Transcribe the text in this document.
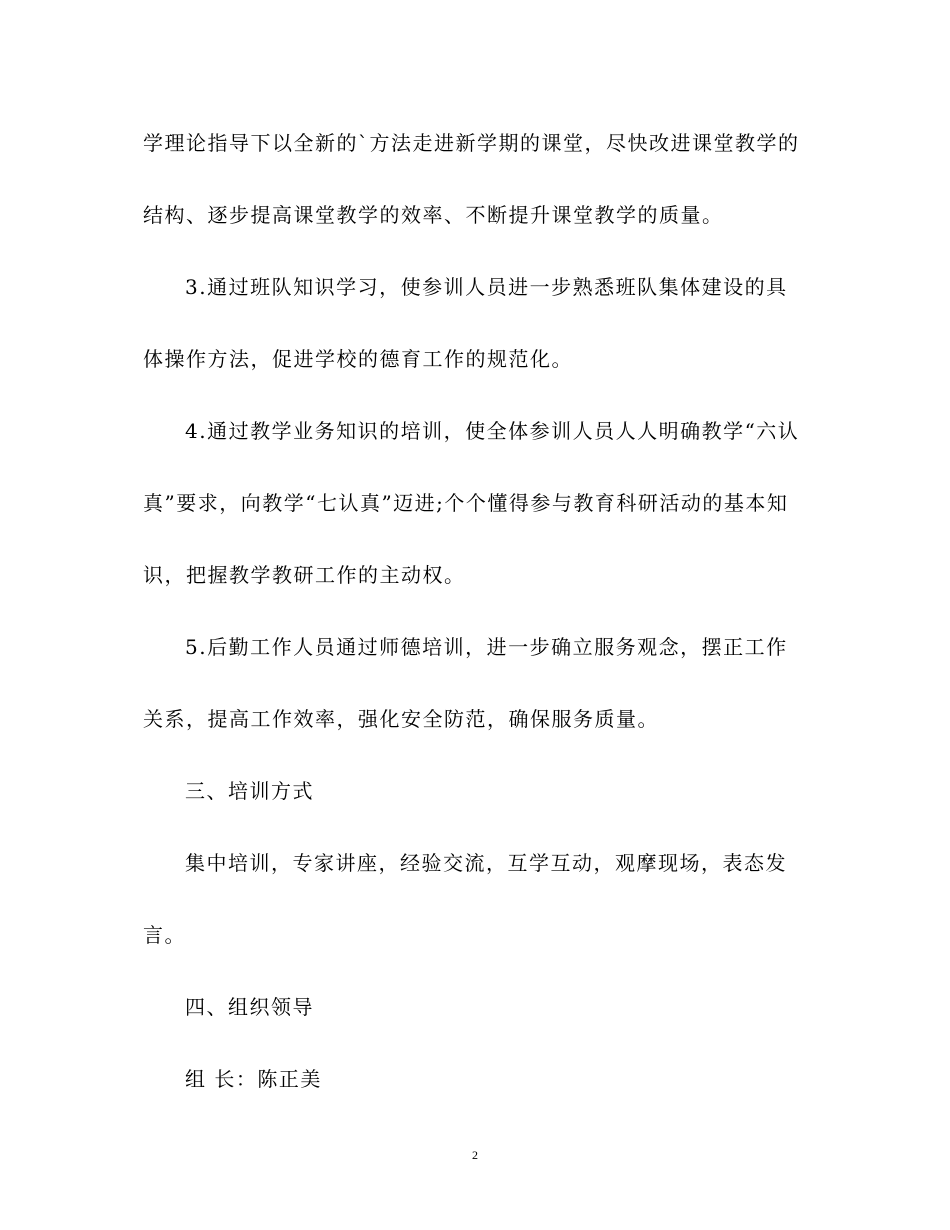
学理论指导下以全新的`方法走进新学期的课堂，尽快改进课堂教学的
结构、逐步提高课堂教学的效率、不断提升课堂教学的质量。
3.通过班队知识学习，使参训人员进一步熟悉班队集体建设的具
体操作方法，促进学校的德育工作的规范化。
4.通过教学业务知识的培训，使全体参训人员人人明确教学“六认
真”要求，向教学“七认真”迈进;个个懂得参与教育科研活动的基本知
识，把握教学教研工作的主动权。
5.后勤工作人员通过师德培训，进一步确立服务观念，摆正工作
关系，提高工作效率，强化安全防范，确保服务质量。
三、培训方式
集中培训，专家讲座，经验交流，互学互动，观摩现场，表态发
言。
四、组织领导
组 长：陈正美
2
